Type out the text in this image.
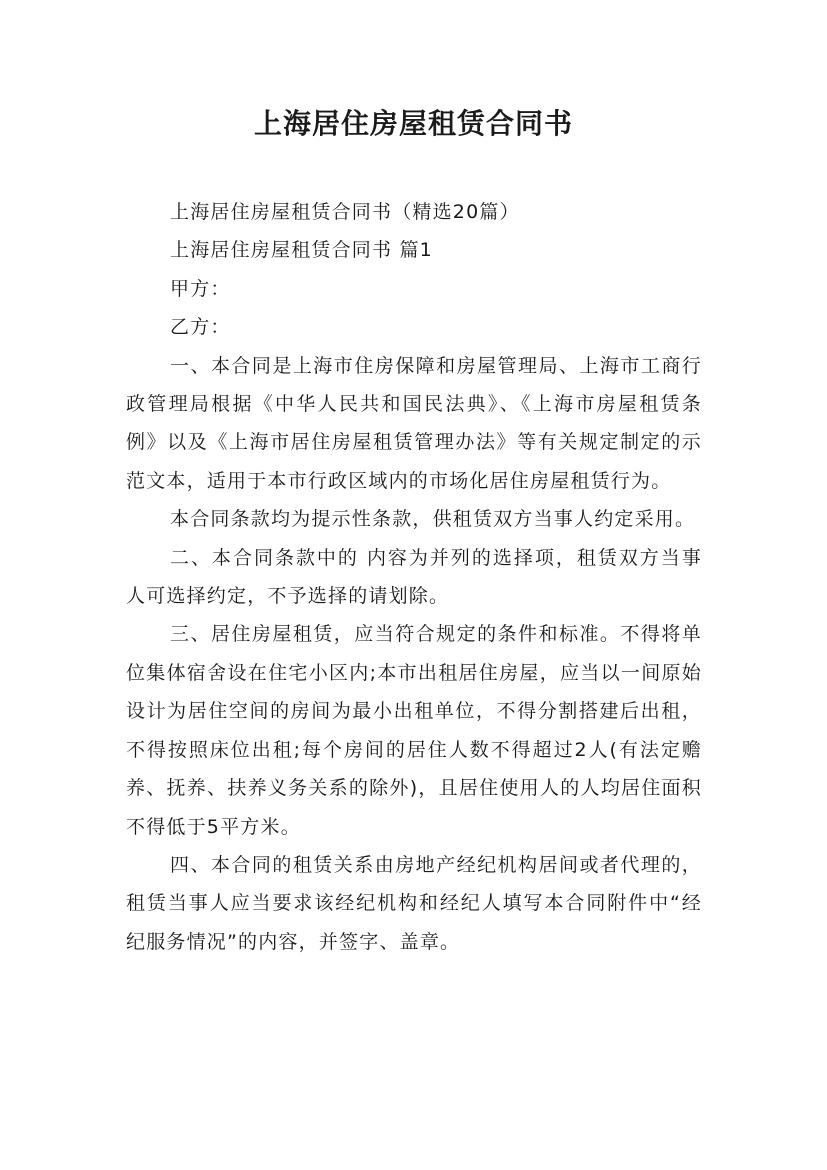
上海居住房屋租赁合同书

上海居住房屋租赁合同书（精选20篇）

上海居住房屋租赁合同书 篇1

甲方：

乙方：

一、本合同是上海市住房保障和房屋管理局、上海市工商行政管理局根据《中华人民共和国民法典》、《上海市房屋租赁条例》以及《上海市居住房屋租赁管理办法》等有关规定制定的示范文本，适用于本市行政区域内的市场化居住房屋租赁行为。

本合同条款均为提示性条款，供租赁双方当事人约定采用。

二、本合同条款中的 内容为并列的选择项，租赁双方当事人可选择约定，不予选择的请划除。

三、居住房屋租赁，应当符合规定的条件和标准。不得将单位集体宿舍设在住宅小区内;本市出租居住房屋，应当以一间原始设计为居住空间的房间为最小出租单位，不得分割搭建后出租，不得按照床位出租;每个房间的居住人数不得超过2人(有法定赡养、抚养、扶养义务关系的除外)，且居住使用人的人均居住面积不得低于5平方米。

四、本合同的租赁关系由房地产经纪机构居间或者代理的，租赁当事人应当要求该经纪机构和经纪人填写本合同附件中“经纪服务情况”的内容，并签字、盖章。
